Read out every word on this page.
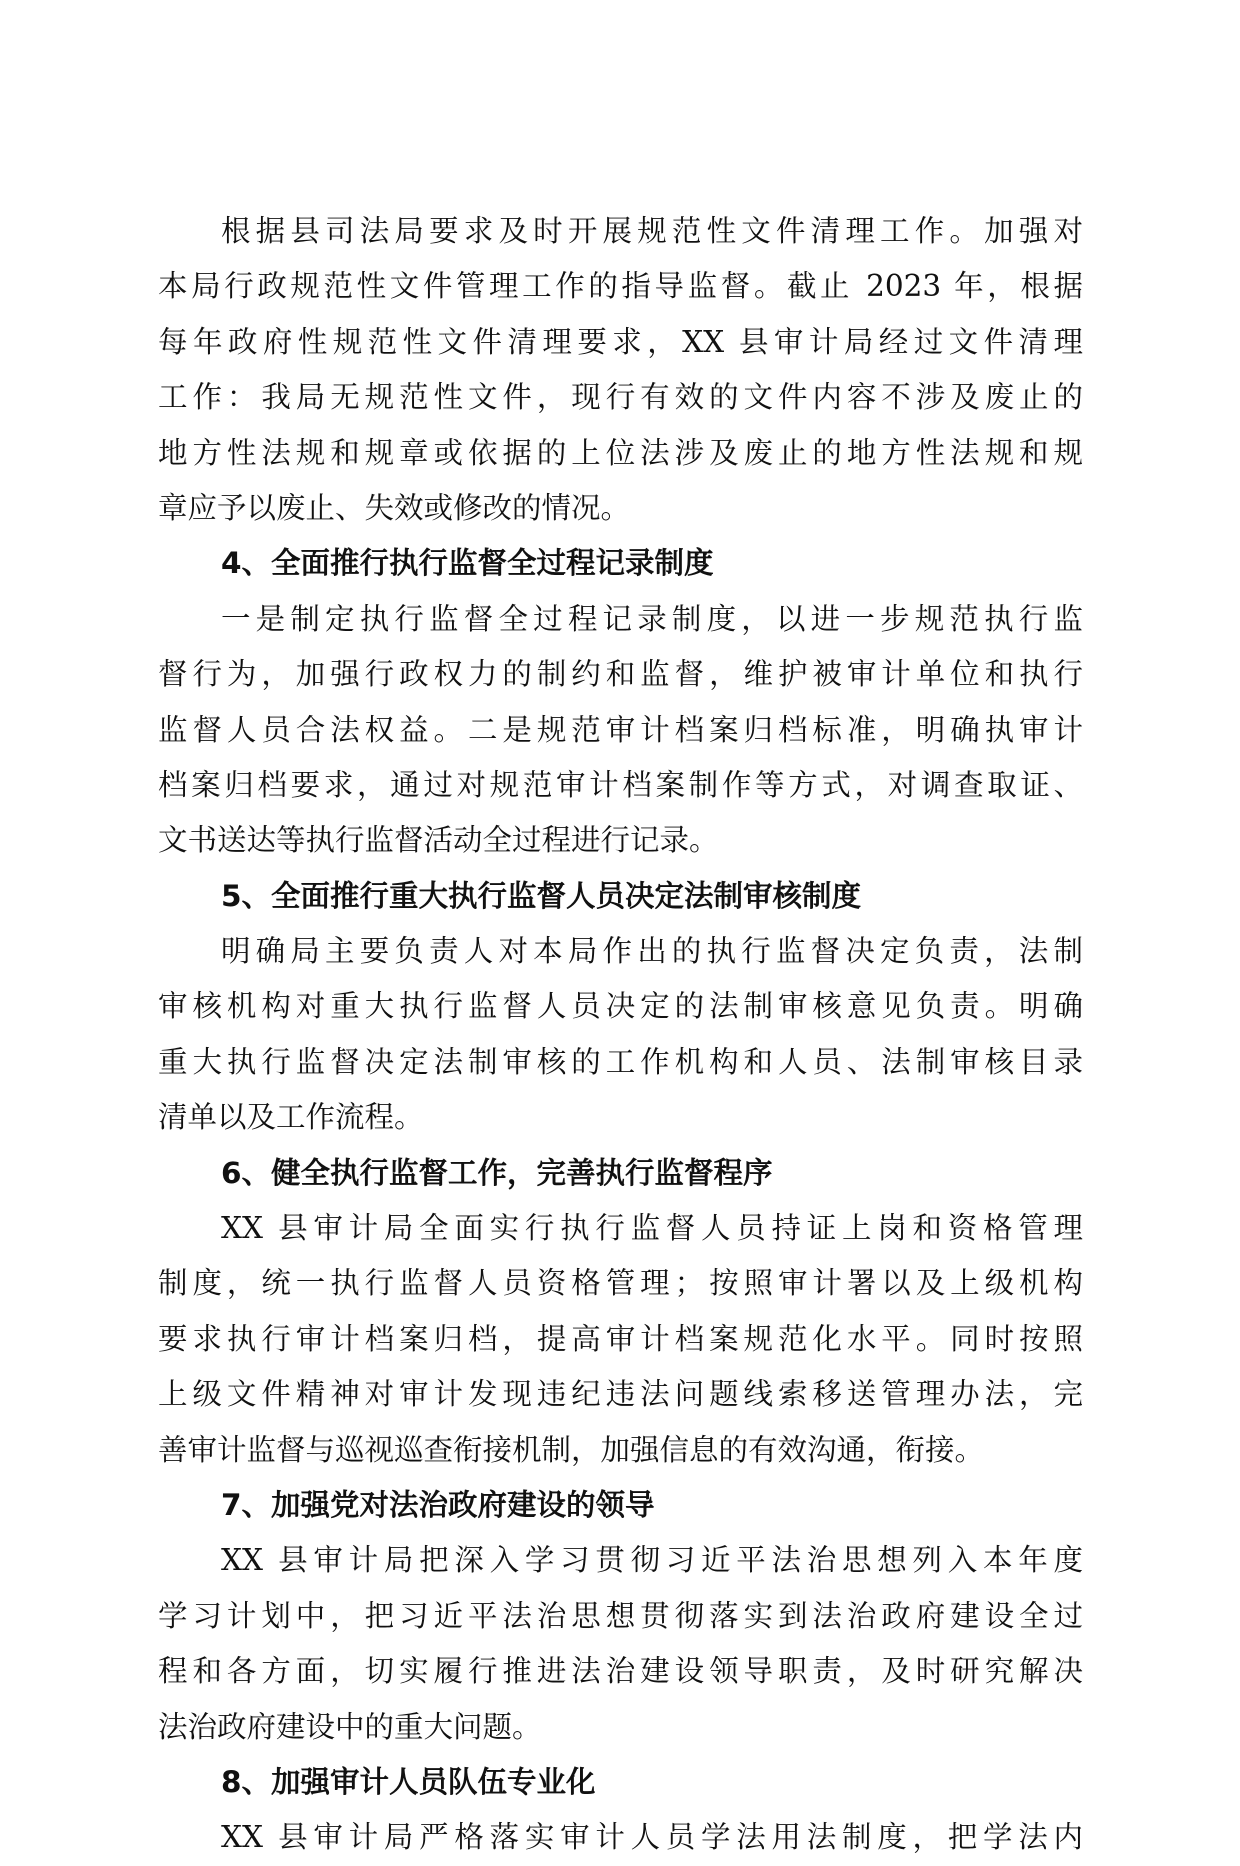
根据县司法局要求及时开展规范性文件清理工作。加强对
本局行政规范性文件管理工作的指导监督。截止 2023 年，根据
每年政府性规范性文件清理要求，XX 县审计局经过文件清理
工作：我局无规范性文件，现行有效的文件内容不涉及废止的
地方性法规和规章或依据的上位法涉及废止的地方性法规和规
章应予以废止、失效或修改的情况。
4、全面推行执行监督全过程记录制度
一是制定执行监督全过程记录制度，以进一步规范执行监
督行为，加强行政权力的制约和监督，维护被审计单位和执行
监督人员合法权益。二是规范审计档案归档标准，明确执审计
档案归档要求，通过对规范审计档案制作等方式，对调查取证、
文书送达等执行监督活动全过程进行记录。
5、全面推行重大执行监督人员决定法制审核制度
明确局主要负责人对本局作出的执行监督决定负责，法制
审核机构对重大执行监督人员决定的法制审核意见负责。明确
重大执行监督决定法制审核的工作机构和人员、法制审核目录
清单以及工作流程。
6、健全执行监督工作，完善执行监督程序
XX 县审计局全面实行执行监督人员持证上岗和资格管理
制度，统一执行监督人员资格管理；按照审计署以及上级机构
要求执行审计档案归档，提高审计档案规范化水平。同时按照
上级文件精神对审计发现违纪违法问题线索移送管理办法，完
善审计监督与巡视巡查衔接机制，加强信息的有效沟通，衔接。
7、加强党对法治政府建设的领导
XX 县审计局把深入学习贯彻习近平法治思想列入本年度
学习计划中，把习近平法治思想贯彻落实到法治政府建设全过
程和各方面，切实履行推进法治建设领导职责，及时研究解决
法治政府建设中的重大问题。
8、加强审计人员队伍专业化
XX 县审计局严格落实审计人员学法用法制度，把学法内
